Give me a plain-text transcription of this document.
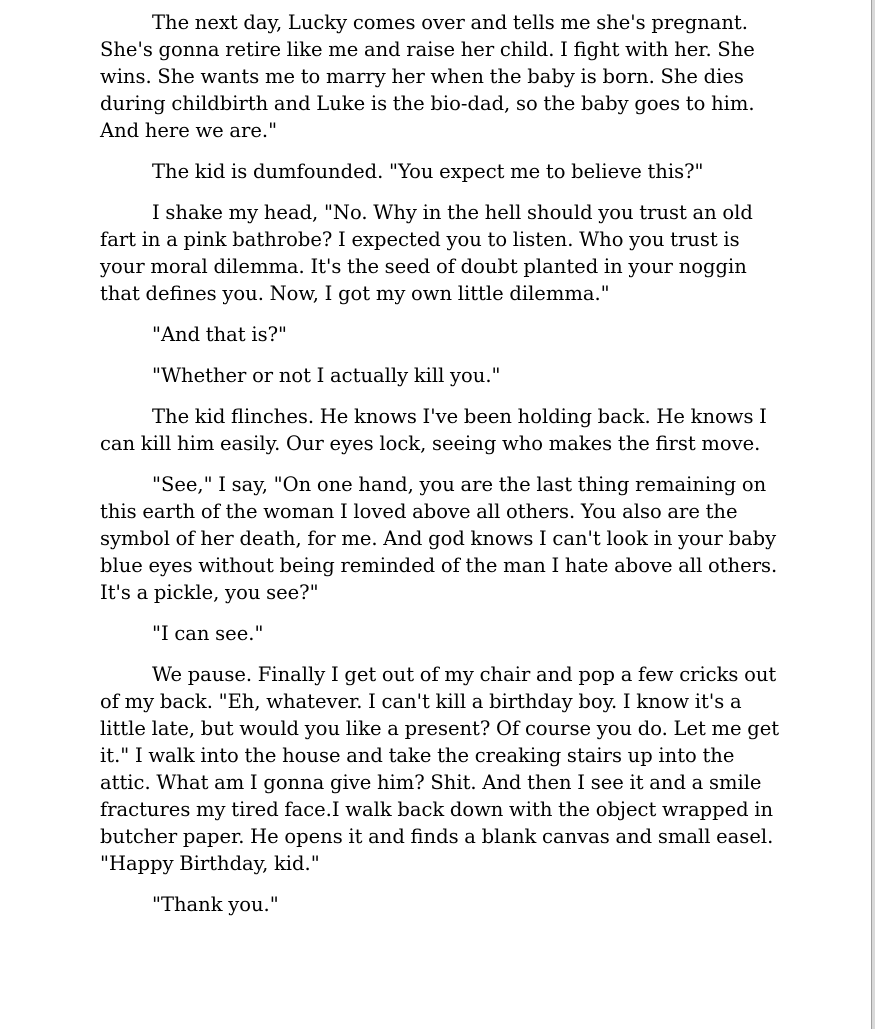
The next day, Lucky comes over and tells me she's pregnant. She's gonna retire like me and raise her child. I fight with her. She wins. She wants me to marry her when the baby is born. She dies during childbirth and Luke is the bio-dad, so the baby goes to him. And here we are."

The kid is dumfounded. "You expect me to believe this?"

I shake my head, "No. Why in the hell should you trust an old fart in a pink bathrobe? I expected you to listen. Who you trust is your moral dilemma. It's the seed of doubt planted in your noggin that defines you. Now, I got my own little dilemma."

"And that is?"

"Whether or not I actually kill you."

The kid flinches. He knows I've been holding back. He knows I can kill him easily. Our eyes lock, seeing who makes the first move.

"See," I say, "On one hand, you are the last thing remaining on this earth of the woman I loved above all others. You also are the symbol of her death, for me. And god knows I can't look in your baby blue eyes without being reminded of the man I hate above all others. It's a pickle, you see?"

"I can see."

We pause. Finally I get out of my chair and pop a few cricks out of my back. "Eh, whatever. I can't kill a birthday boy. I know it's a little late, but would you like a present? Of course you do. Let me get it." I walk into the house and take the creaking stairs up into the attic. What am I gonna give him? Shit. And then I see it and a smile fractures my tired face.I walk back down with the object wrapped in butcher paper. He opens it and finds a blank canvas and small easel. "Happy Birthday, kid."

"Thank you."
